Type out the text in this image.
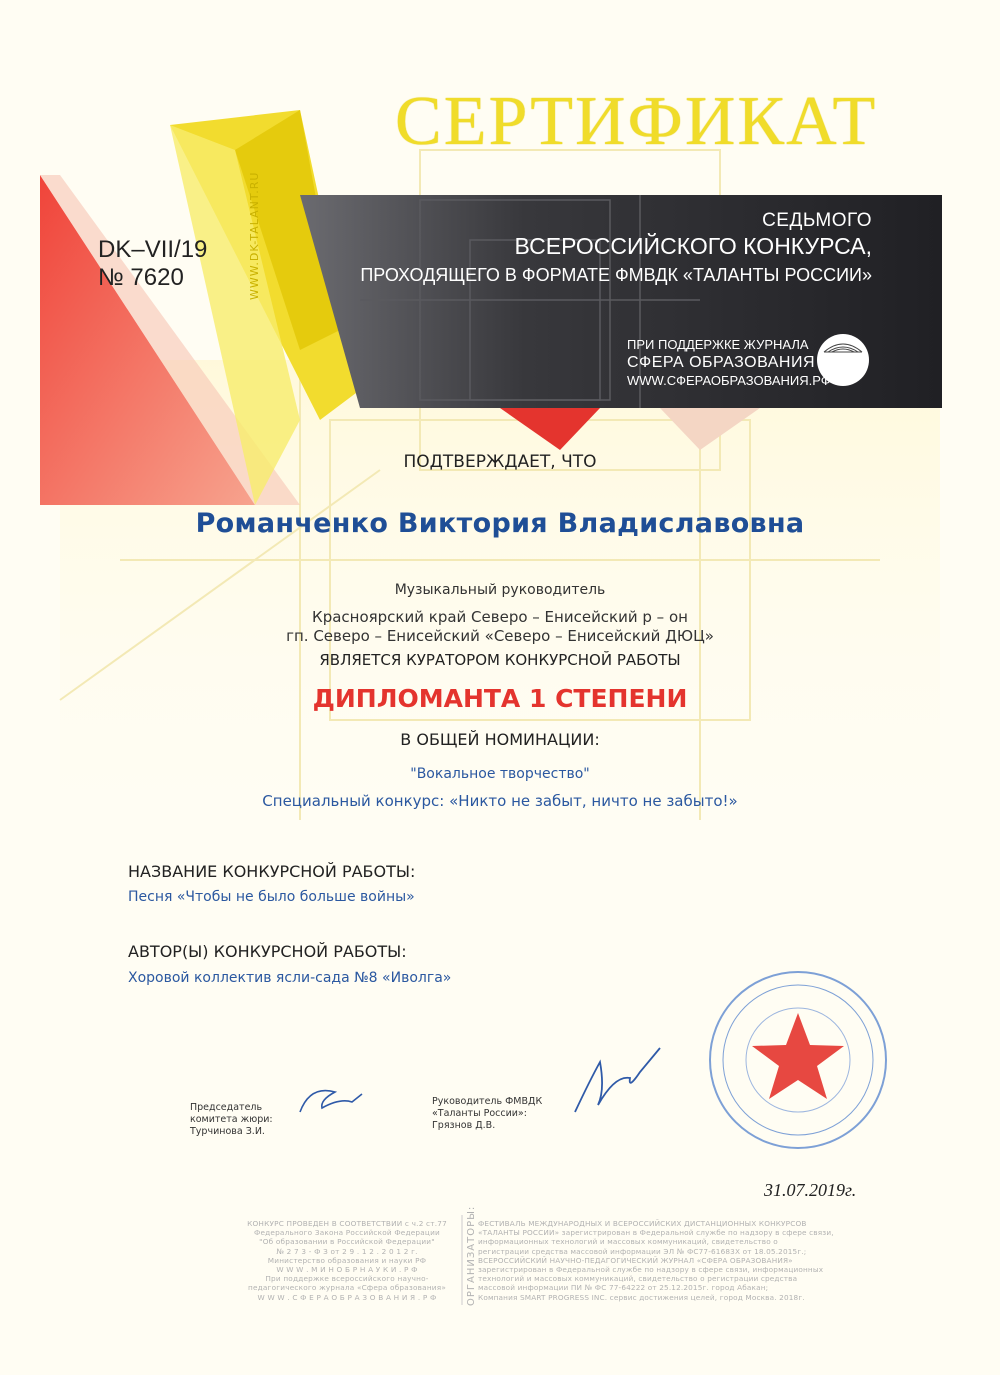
СЕРТИФИКАТ
СЕДЬМОГО
ВСЕРОССИЙСКОГО КОНКУРСА,
ПРОХОДЯЩЕГО В ФОРМАТЕ ФМВДК «ТАЛАНТЫ РОССИИ»
ПРИ ПОДДЕРЖКЕ ЖУРНАЛА
СФЕРА ОБРАЗОВАНИЯ
WWW.СФЕРАОБРАЗОВАНИЯ.РФ
DK–VII/19
№ 7620	WWW.DK-TALANT.RU
ПОДТВЕРЖДАЕТ, ЧТО
Романченко Виктория Владиславовна
Музыкальный руководитель
Красноярский край Северо – Енисейский р – он
гп. Северо – Енисейский «Северо – Енисейский ДЮЦ»
ЯВЛЯЕТСЯ КУРАТОРОМ КОНКУРСНОЙ РАБОТЫ
ДИПЛОМАНТА 1 СТЕПЕНИ
В ОБЩЕЙ НОМИНАЦИИ:
"Вокальное творчество"
Специальный конкурс: «Никто не забыт, ничто не забыто!»
НАЗВАНИЕ КОНКУРСНОЙ РАБОТЫ:
Песня «Чтобы не было больше войны»
АВТОР(Ы) КОНКУРСНОЙ РАБОТЫ:
Хоровой коллектив ясли-сада №8 «Иволга»
Председатель
комитета жюри:
Турчинова З.И.
Руководитель ФМВДК
«Таланты России»:
Грязнов Д.В.
31.07.2019г.
КОНКУРС ПРОВЕДЕН В СООТВЕТСТВИИ с ч.2 ст.77
Федерального Закона Российской Федерации
"Об образовании в Российской Федерации"
№ 2 7 3 - Ф З от 2 9 . 1 2 . 2 0 1 2 г.
Министерство образования и науки РФ
W W W . М И Н О Б Р Н А У К И . Р Ф
При поддержке всероссийского научно-
педагогического журнала «Сфера образования»
W W W . С Ф Е Р А О Б Р А З О В А Н И Я . Р Ф	ОРГАНИЗАТОРЫ: ФЕСТИВАЛЬ МЕЖДУНАРОДНЫХ И ВСЕРОССИЙСКИХ ДИСТАНЦИОННЫХ КОНКУРСОВ
«ТАЛАНТЫ РОССИИ» зарегистрирован в Федеральной службе по надзору в сфере связи,
информационных технологий и массовых коммуникаций, свидетельство о
регистрации средства массовой информации ЭЛ № ФС77-61683Х от 18.05.2015г.;
ВСЕРОССИЙСКИЙ НАУЧНО-ПЕДАГОГИЧЕСКИЙ ЖУРНАЛ «СФЕРА ОБРАЗОВАНИЯ»
зарегистрирован в Федеральной службе по надзору в сфере связи, информационных
технологий и массовых коммуникаций, свидетельство о регистрации средства
массовой информации ПИ № ФС 77-64222 от 25.12.2015г. город Абакан;
Компания SMART PROGRESS INC. сервис достижения целей, город Москва. 2018г.
